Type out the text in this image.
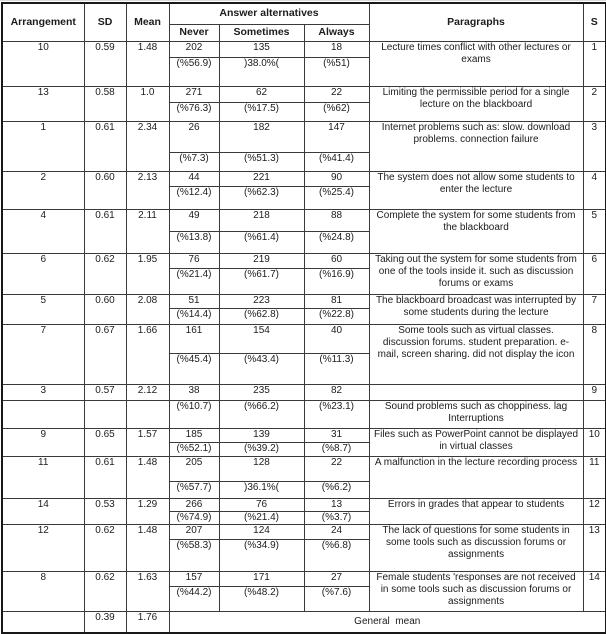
Arrangement	SD	Mean	Answer alternatives			Paragraphs	S
			Never	Sometimes	Always		
10	0.59	1.48	202	135	18	Lecture times conflict with other lectures or exams	1
			(%56.9)	)38.0%(	(%51)		
13	0.58	1.0	271	62	22	Limiting the permissible period for a single lecture on the blackboard	2
			(%76.3)	(%17.5)	(%62)		
1	0.61	2.34	26	182	147	Internet problems such as: slow. download problems. connection failure	3
			(%7.3)	(%51.3)	(%41.4)		
2	0.60	2.13	44	221	90	The system does not allow some students to enter the lecture	4
			(%12.4)	(%62.3)	(%25.4)		
4	0.61	2.11	49	218	88	Complete the system for some students from the blackboard	5
			(%13.8)	(%61.4)	(%24.8)		
6	0.62	1.95	76	219	60	Taking out the system for some students from one of the tools inside it. such as discussion forums or exams	6
			(%21.4)	(%61.7)	(%16.9)		
5	0.60	2.08	51	223	81	The blackboard broadcast was interrupted by some students during the lecture	7
			(%14.4)	(%62.8)	(%22.8)		
7	0.67	1.66	161	154	40	Some tools such as virtual classes. discussion forums. student preparation. e-mail, screen sharing. did not display the icon	8
			(%45.4)	(%43.4)	(%11.3)		
3	0.57	2.12	38	235	82		9
			(%10.7)	(%66.2)	(%23.1)	Sound problems such as choppiness. lag Interruptions	
9	0.65	1.57	185	139	31	Files such as PowerPoint cannot be displayed in virtual classes	10
			(%52.1)	(%39.2)	(%8.7)		
11	0.61	1.48	205	128	22	A malfunction in the lecture recording process	11
			(%57.7)	)36.1%(	(%6.2)		
14	0.53	1.29	266	76	13	Errors in grades that appear to students	12
			(%74.9)	(%21.4)	(%3.7)		
12	0.62	1.48	207	124	24	The lack of questions for some students in some tools such as discussion forums or assignments	13
			(%58.3)	(%34.9)	(%6.8)		
8	0.62	1.63	157	171	27	Female students 'responses are not received in some tools such as discussion forums or assignments	14
			(%44.2)	(%48.2)	(%7.6)		
	0.39	1.76	General  mean				
